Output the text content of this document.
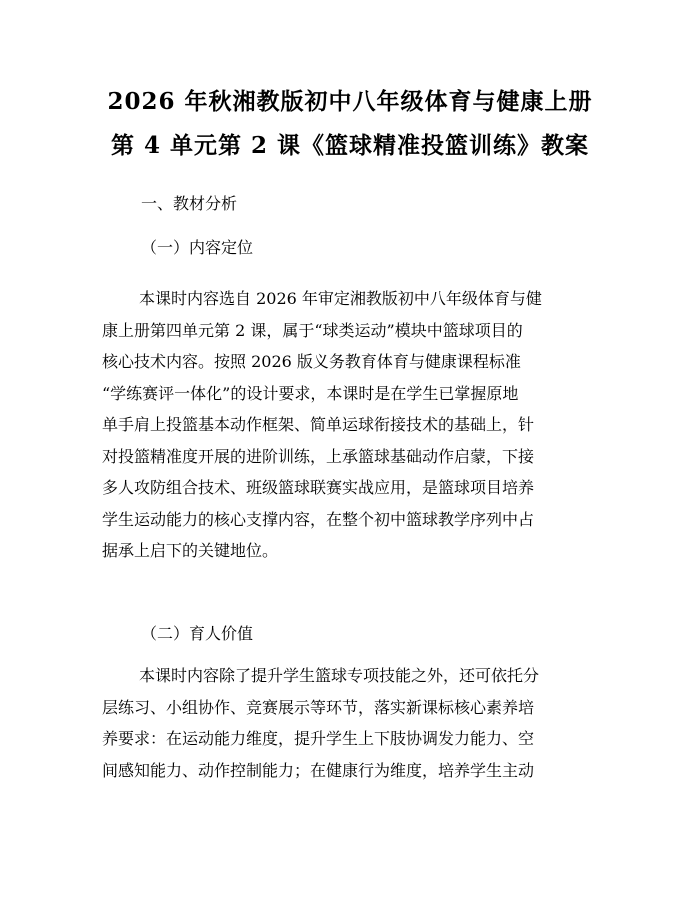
2026 年秋湘教版初中八年级体育与健康上册
第 4 单元第 2 课《篮球精准投篮训练》教案
一、教材分析
（一）内容定位
本课时内容选自 2026 年审定湘教版初中八年级体育与健
康上册第四单元第 2 课，属于“球类运动”模块中篮球项目的
核心技术内容。按照 2026 版义务教育体育与健康课程标准
“学练赛评一体化”的设计要求，本课时是在学生已掌握原地
单手肩上投篮基本动作框架、简单运球衔接技术的基础上，针
对投篮精准度开展的进阶训练，上承篮球基础动作启蒙，下接
多人攻防组合技术、班级篮球联赛实战应用，是篮球项目培养
学生运动能力的核心支撑内容，在整个初中篮球教学序列中占
据承上启下的关键地位。
（二）育人价值
本课时内容除了提升学生篮球专项技能之外，还可依托分
层练习、小组协作、竞赛展示等环节，落实新课标核心素养培
养要求：在运动能力维度，提升学生上下肢协调发力能力、空
间感知能力、动作控制能力；在健康行为维度，培养学生主动
